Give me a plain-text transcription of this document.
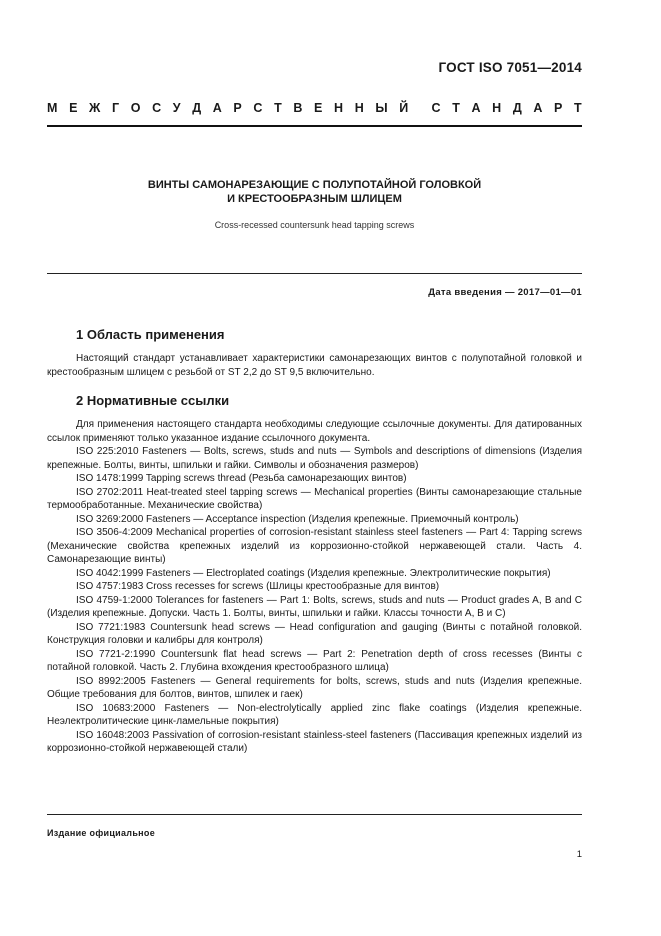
ГОСТ ISO 7051—2014
М Е Ж Г О С У Д А Р С Т В Е Н Н Ы Й С Т А Н Д А Р Т
ВИНТЫ САМОНАРЕЗАЮЩИЕ С ПОЛУПОТАЙНОЙ ГОЛОВКОЙ
И КРЕСТООБРАЗНЫМ ШЛИЦЕМ
Cross-recessed countersunk head tapping screws
Дата введения — 2017—01—01
1 Область применения

Настоящий стандарт устанавливает характеристики самонарезающих винтов с полупотайной головкой и крестообразным шлицем с резьбой от ST 2,2 до ST 9,5 включительно.

2 Нормативные ссылки

Для применения настоящего стандарта необходимы следующие ссылочные документы. Для датированных ссылок применяют только указанное издание ссылочного документа.

ISO 225:2010 Fasteners — Bolts, screws, studs and nuts — Symbols and descriptions of dimensions (Изделия крепежные. Болты, винты, шпильки и гайки. Символы и обозначения размеров)

ISO 1478:1999 Tapping screws thread (Резьба самонарезающих винтов)

ISO 2702:2011 Heat-treated steel tapping screws — Mechanical properties (Винты самонарезающие стальные термообработанные. Механические свойства)

ISO 3269:2000 Fasteners — Acceptance inspection (Изделия крепежные. Приемочный контроль)

ISO 3506-4:2009 Mechanical properties of corrosion-resistant stainless steel fasteners — Part 4: Tapping screws (Механические свойства крепежных изделий из коррозионно-стойкой нержавеющей стали. Часть 4. Самонарезающие винты)

ISO 4042:1999 Fasteners — Electroplated coatings (Изделия крепежные. Электролитические покрытия)

ISO 4757:1983 Cross recesses for screws (Шлицы крестообразные для винтов)

ISO 4759-1:2000 Tolerances for fasteners — Part 1: Bolts, screws, studs and nuts — Product grades A, B and C (Изделия крепежные. Допуски. Часть 1. Болты, винты, шпильки и гайки. Классы точности А, В и С)

ISO 7721:1983 Countersunk head screws — Head configuration and gauging (Винты с потайной головкой. Конструкция головки и калибры для контроля)

ISO 7721-2:1990 Countersunk flat head screws — Part 2: Penetration depth of cross recesses (Винты с потайной головкой. Часть 2. Глубина вхождения крестообразного шлица)

ISO 8992:2005 Fasteners — General requirements for bolts, screws, studs and nuts (Изделия крепежные. Общие требования для болтов, винтов, шпилек и гаек)

ISO 10683:2000 Fasteners — Non-electrolytically applied zinc flake coatings (Изделия крепежные. Неэлектролитические цинк-ламельные покрытия)

ISO 16048:2003 Passivation of corrosion-resistant stainless-steel fasteners (Пассивация крепежных изделий из коррозионно-стойкой нержавеющей стали)

Издание официальное
1
